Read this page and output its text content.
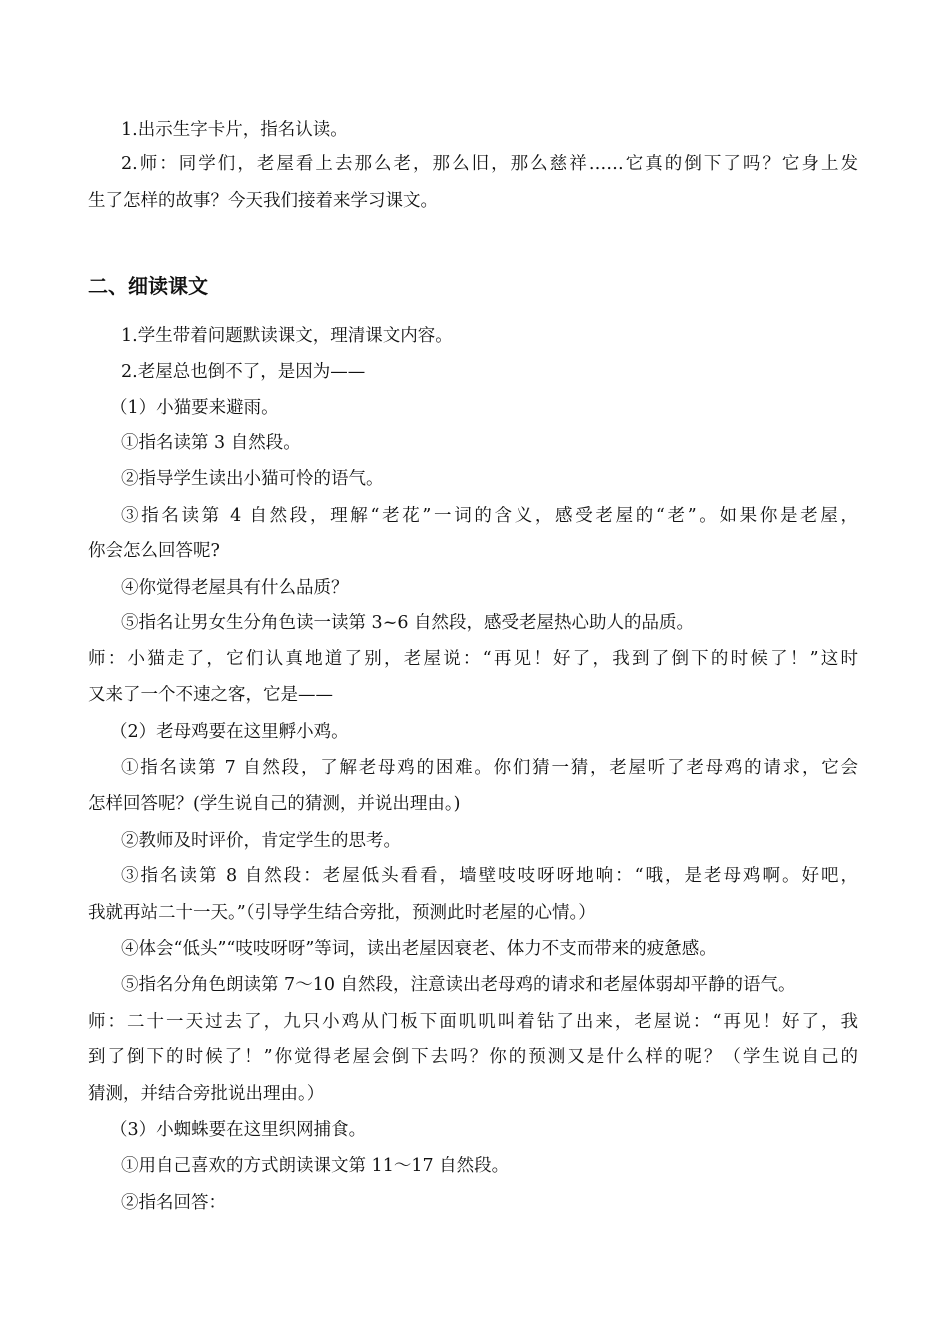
1.出示生字卡片，指名认读。
2.师：同学们，老屋看上去那么老，那么旧，那么慈祥……它真的倒下了吗？它身上发
生了怎样的故事？今天我们接着来学习课文。
二、细读课文
1.学生带着问题默读课文，理清课文内容。
2.老屋总也倒不了，是因为——
（1）小猫要来避雨。
①指名读第 3 自然段。
②指导学生读出小猫可怜的语气。
③指名读第 4 自然段，理解“老花”一词的含义，感受老屋的“老”。如果你是老屋，
你会怎么回答呢?
④你觉得老屋具有什么品质？
⑤指名让男女生分角色读一读第 3~6 自然段，感受老屋热心助人的品质。
师：小猫走了，它们认真地道了别，老屋说：“再见！好了，我到了倒下的时候了！”这时
又来了一个不速之客，它是——
（2）老母鸡要在这里孵小鸡。
①指名读第 7 自然段，了解老母鸡的困难。你们猜一猜，老屋听了老母鸡的请求，它会
怎样回答呢？(学生说自己的猜测，并说出理由。)
②教师及时评价，肯定学生的思考。
③指名读第 8 自然段：老屋低头看看，墙壁吱吱呀呀地响：“哦，是老母鸡啊。好吧，
我就再站二十一天。”（引导学生结合旁批，预测此时老屋的心情。）
④体会“低头”“吱吱呀呀”等词，读出老屋因衰老、体力不支而带来的疲惫感。
⑤指名分角色朗读第 7～10 自然段，注意读出老母鸡的请求和老屋体弱却平静的语气。
师：二十一天过去了，九只小鸡从门板下面叽叽叫着钻了出来，老屋说：“再见！好了，我
到了倒下的时候了！”你觉得老屋会倒下去吗？你的预测又是什么样的呢？（学生说自己的
猜测，并结合旁批说出理由。）
（3）小蜘蛛要在这里织网捕食。
①用自己喜欢的方式朗读课文第 11～17 自然段。
②指名回答：
